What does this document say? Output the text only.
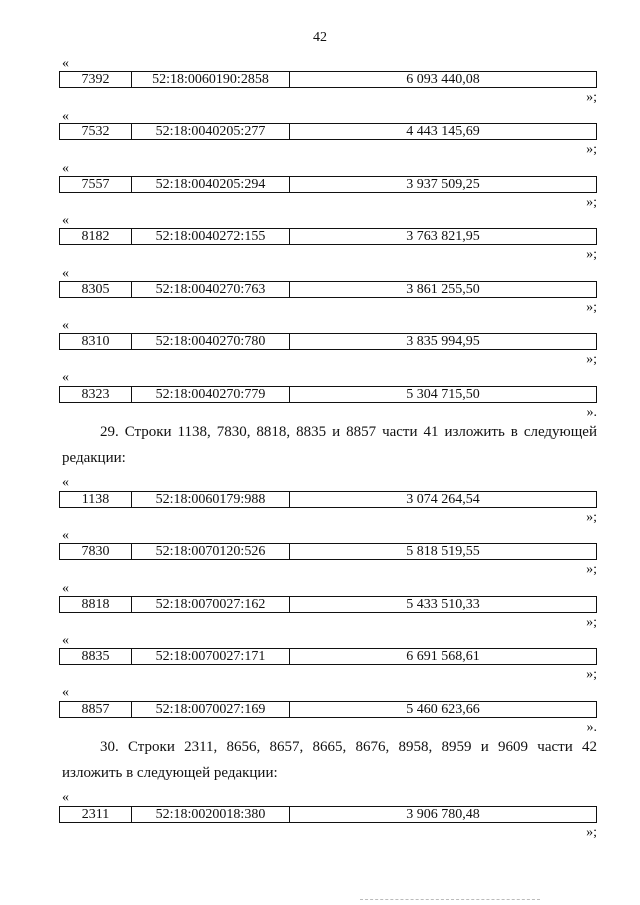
42
«
7392	52:18:0060190:2858	6 093 440,08
»;
«
7532	52:18:0040205:277	4 443 145,69
»;
«
7557	52:18:0040205:294	3 937 509,25
»;
«
8182	52:18:0040272:155	3 763 821,95
»;
«
8305	52:18:0040270:763	3 861 255,50
»;
«
8310	52:18:0040270:780	3 835 994,95
»;
«
8323	52:18:0040270:779	5 304 715,50
».
29. Строки 1138, 7830, 8818, 8835 и 8857 части 41 изложить в следующей
редакции:
«
1138	52:18:0060179:988	3 074 264,54
»;
«
7830	52:18:0070120:526	5 818 519,55
»;
«
8818	52:18:0070027:162	5 433 510,33
»;
«
8835	52:18:0070027:171	6 691 568,61
»;
«
8857	52:18:0070027:169	5 460 623,66
».
30. Строки 2311, 8656, 8657, 8665, 8676, 8958, 8959 и 9609 части 42
изложить в следующей редакции:
«
2311	52:18:0020018:380	3 906 780,48
»;
